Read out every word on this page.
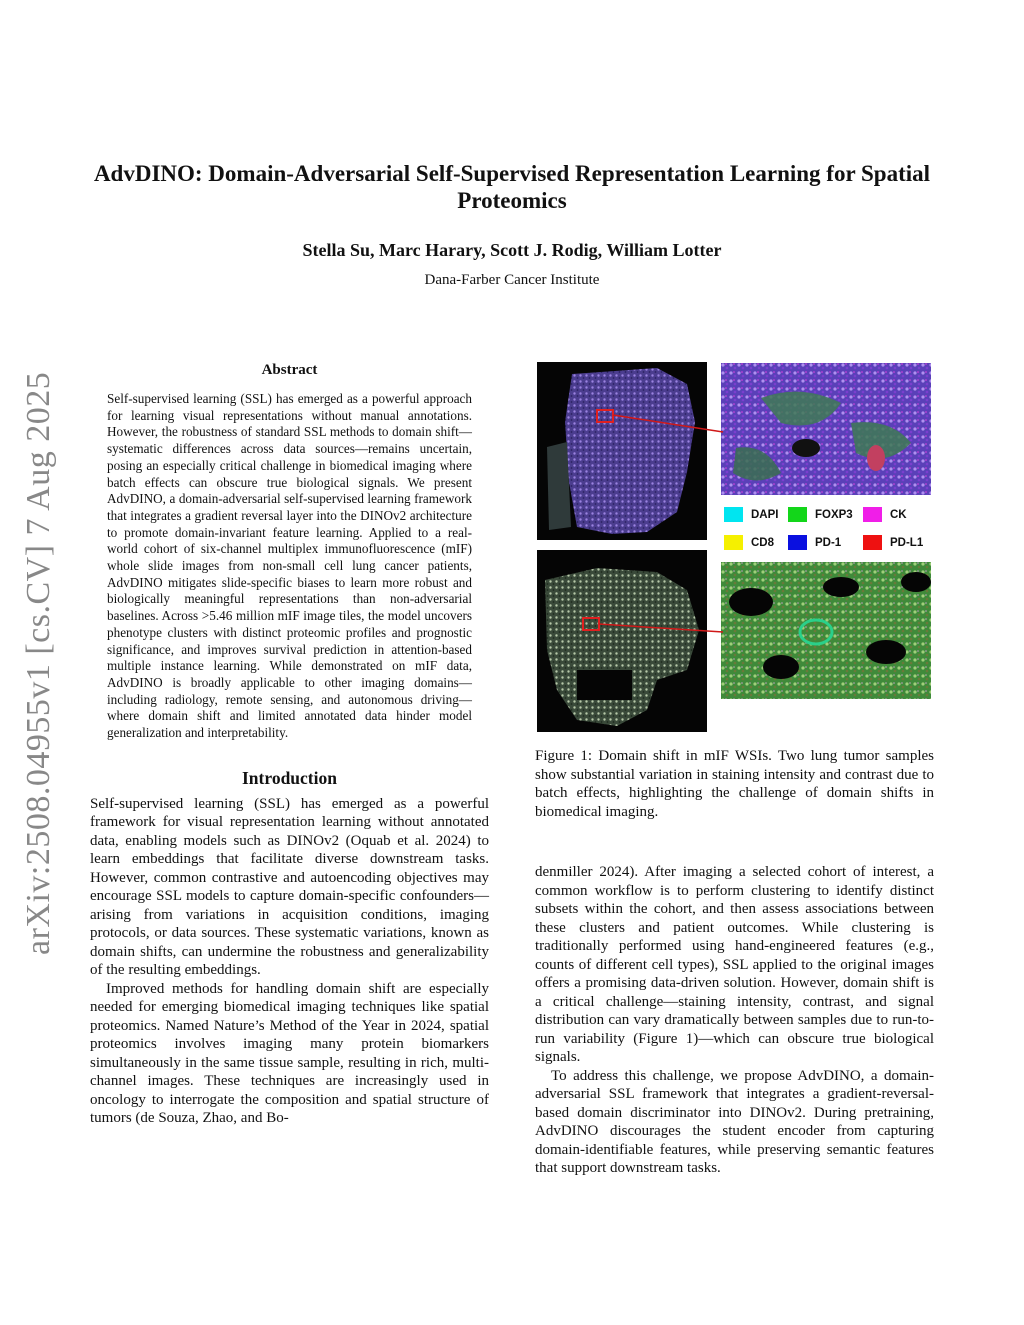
arXiv:2508.04955v1 [cs.CV] 7 Aug 2025
AdvDINO: Domain-Adversarial Self-Supervised Representation Learning for Spatial Proteomics

Stella Su, Marc Harary, Scott J. Rodig, William Lotter

Dana-Farber Cancer Institute

Abstract

Self-supervised learning (SSL) has emerged as a powerful approach for learning visual representations without manual annotations. However, the robustness of standard SSL methods to domain shift—systematic differences across data sources—remains uncertain, posing an especially critical challenge in biomedical imaging where batch effects can obscure true biological signals. We present AdvDINO, a domain-adversarial self-supervised learning framework that integrates a gradient reversal layer into the DINOv2 architecture to promote domain-invariant feature learning. Applied to a real-world cohort of six-channel multiplex immunofluorescence (mIF) whole slide images from non-small cell lung cancer patients, AdvDINO mitigates slide-specific biases to learn more robust and biologically meaningful representations than non-adversarial baselines. Across >5.46 million mIF image tiles, the model uncovers phenotype clusters with distinct proteomic profiles and prognostic significance, and improves survival prediction in attention-based multiple instance learning. While demonstrated on mIF data, AdvDINO is broadly applicable to other imaging domains—including radiology, remote sensing, and autonomous driving—where domain shift and limited annotated data hinder model generalization and interpretability.

Introduction

Self-supervised learning (SSL) has emerged as a powerful framework for visual representation learning without annotated data, enabling models such as DINOv2 (Oquab et al. 2024) to learn embeddings that facilitate diverse downstream tasks. However, common contrastive and autoencoding objectives may encourage SSL models to capture domain-specific confounders—arising from variations in acquisition conditions, imaging protocols, or data sources. These systematic variations, known as domain shifts, can undermine the robustness and generalizability of the resulting embeddings.

Improved methods for handling domain shift are especially needed for emerging biomedical imaging techniques like spatial proteomics. Named Nature’s Method of the Year in 2024, spatial proteomics involves imaging many protein biomarkers simultaneously in the same tissue sample, resulting in rich, multi-channel images. These techniques are increasingly used in oncology to interrogate the composition and spatial structure of tumors (de Souza, Zhao, and Bo-

DAPI	FOXP3	CK
CD8	PD-1	PD-L1

Figure 1: Domain shift in mIF WSIs. Two lung tumor samples show substantial variation in staining intensity and contrast due to batch effects, highlighting the challenge of domain shifts in biomedical imaging.

denmiller 2024). After imaging a selected cohort of interest, a common workflow is to perform clustering to identify distinct subsets within the cohort, and then assess associations between these clusters and patient outcomes. While clustering is traditionally performed using hand-engineered features (e.g., counts of different cell types), SSL applied to the original images offers a promising data-driven solution. However, domain shift is a critical challenge—staining intensity, contrast, and signal distribution can vary dramatically between samples due to run-to-run variability (Figure 1)—which can obscure true biological signals.

To address this challenge, we propose AdvDINO, a domain-adversarial SSL framework that integrates a gradient-reversal-based domain discriminator into DINOv2. During pretraining, AdvDINO discourages the student encoder from capturing domain-identifiable features, while preserving semantic features that support downstream tasks.
